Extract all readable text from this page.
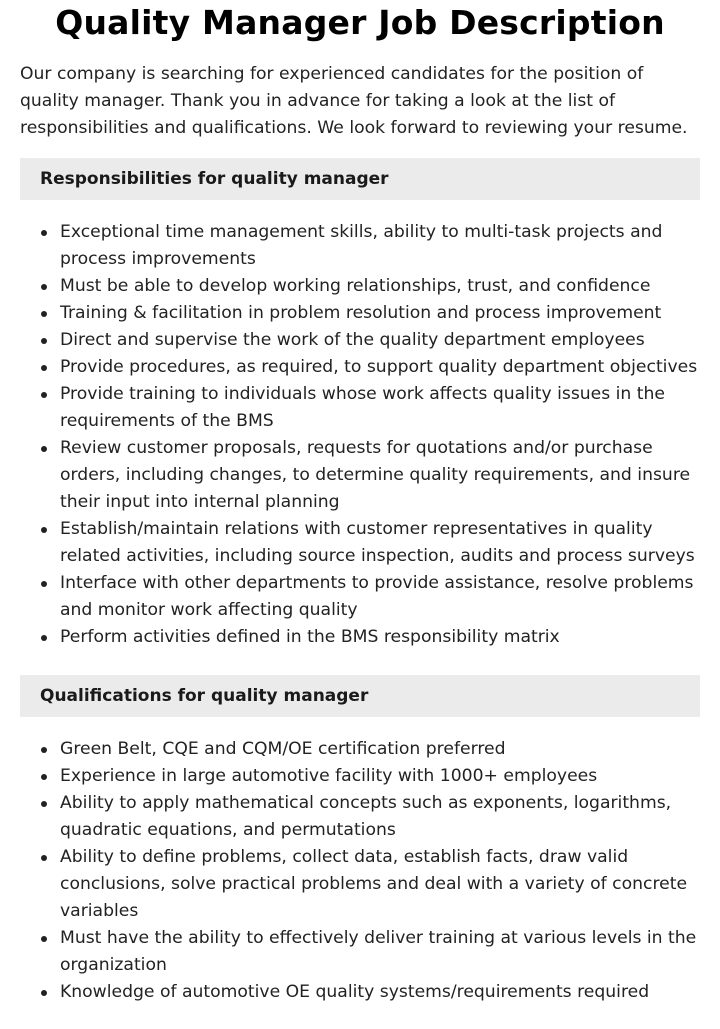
Quality Manager Job Description

Our company is searching for experienced candidates for the position of quality manager. Thank you in advance for taking a look at the list of responsibilities and qualifications. We look forward to reviewing your resume.

Responsibilities for quality manager
Exceptional time management skills, ability to multi-task projects and process improvements
Must be able to develop working relationships, trust, and confidence
Training & facilitation in problem resolution and process improvement
Direct and supervise the work of the quality department employees
Provide procedures, as required, to support quality department objectives
Provide training to individuals whose work affects quality issues in the requirements of the BMS
Review customer proposals, requests for quotations and/or purchase orders, including changes, to determine quality requirements, and insure their input into internal planning
Establish/maintain relations with customer representatives in quality related activities, including source inspection, audits and process surveys
Interface with other departments to provide assistance, resolve problems and monitor work affecting quality
Perform activities defined in the BMS responsibility matrix
Qualifications for quality manager
Green Belt, CQE and CQM/OE certification preferred
Experience in large automotive facility with 1000+ employees
Ability to apply mathematical concepts such as exponents, logarithms, quadratic equations, and permutations
Ability to define problems, collect data, establish facts, draw valid conclusions, solve practical problems and deal with a variety of concrete variables
Must have the ability to effectively deliver training at various levels in the organization
Knowledge of automotive OE quality systems/requirements required
